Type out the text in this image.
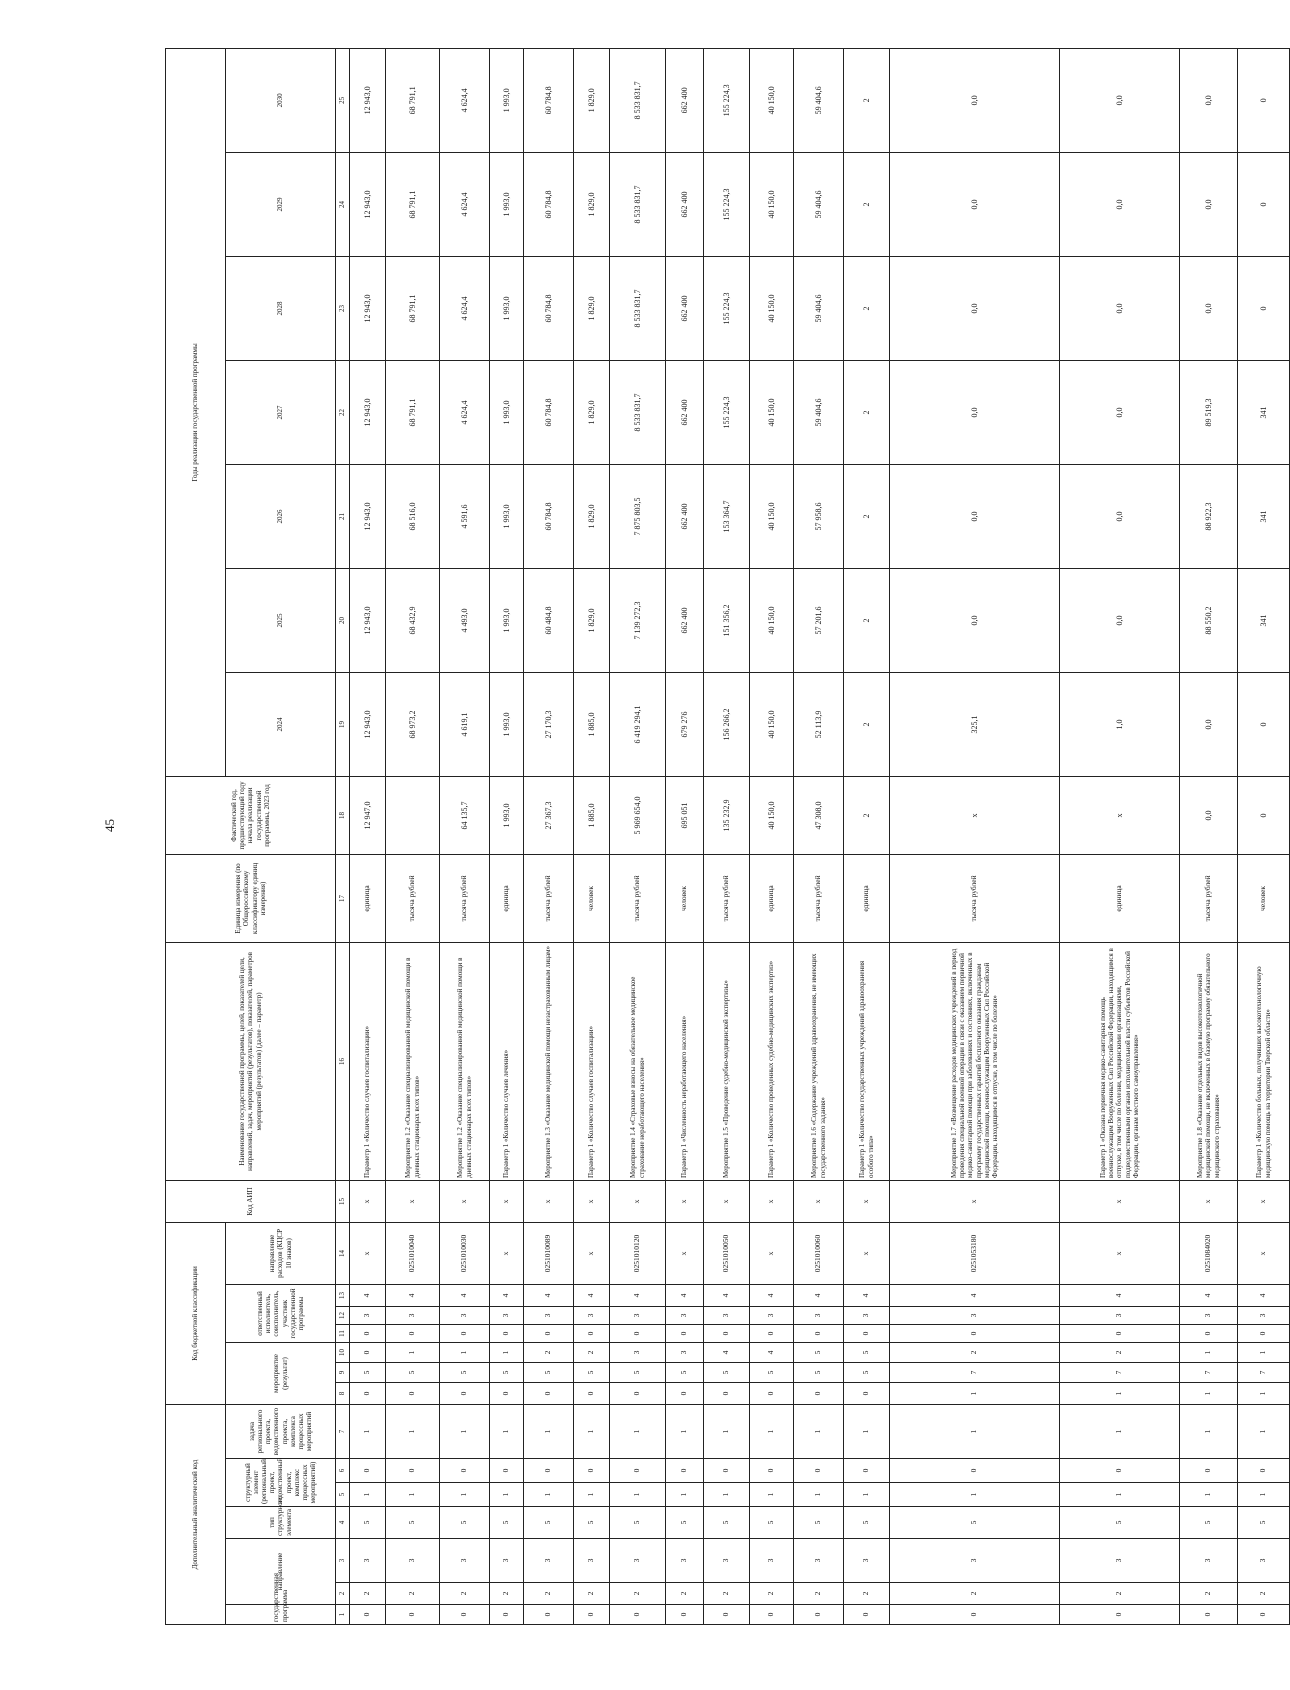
45
Дополнительный аналитический код							Код бюджетной классификации							Код АИП	Наименование государственной программы, целей, показателей цели, направлений, задач, мероприятий (результатов), показателей, параметров мероприятий (результатов) (далее – параметр)	Единица измерения (по Общероссийскому классификатору единиц измерения)	Фактический год, предшествующий году начала реализации государственной программы, 2023 год	Годы реализации государственной программы						
государственная программа	направление		тип структурного элемента	структурный элемент (региональный проект, ведомственный проект, комплекс процессных мероприятий)		задача регионального проекта, ведомственного проекта, комплекса процессных мероприятий	мероприятие (результат)			ответственный исполнитель, соисполнитель, участник государственной программы			направление расходов (КЦСР 10 знаков)					2024	2025	2026	2027	2028	2029	2030
1	2	3	4	5	6	7	8	9	10	11	12	13	14	15	16	17	18	19	20	21	22	23	24	25
0	2	3	5	1	0	1	0	5	0	0	3	4	x	x	Параметр 1 «Количество случаев госпитализации»	единица	12 947,0	12 943,0	12 943,0	12 943,0	12 943,0	12 943,0	12 943,0	12 943,0
0	2	3	5	1	0	1	0	5	1	0	3	4	0251010040	x	Мероприятие 1.2 «Оказание специализированной медицинской помощи в дневных стационарах всех типов»	тысяча рублей		68 973,2	68 432,9	68 516,0	68 791,1	68 791,1	68 791,1	68 791,1
0	2	3	5	1	0	1	0	5	1	0	3	4	0251010030	x	Мероприятие 1.2 «Оказание специализированной медицинской помощи в дневных стационарах всех типов»	тысяча рублей	64 135,7	4 619,1	4 493,0	4 591,6	4 624,4	4 624,4	4 624,4	4 624,4
0	2	3	5	1	0	1	0	5	1	0	3	4	x	x	Параметр 1 «Количество случаев лечения»	единица	1 993,0	1 993,0	1 993,0	1 993,0	1 993,0	1 993,0	1 993,0	1 993,0
0	2	3	5	1	0	1	0	5	2	0	3	4	0251010089	x	Мероприятие 1.3 «Оказание медицинской помощи незастрахованным лицам»	тысяча рублей	27 367,3	27 170,3	60 484,8	60 784,8	60 784,8	60 784,8	60 784,8	60 784,8
0	2	3	5	1	0	1	0	5	2	0	3	4	x	x	Параметр 1 «Количество случаев госпитализации»	человек	1 885,0	1 885,0	1 829,0	1 829,0	1 829,0	1 829,0	1 829,0	1 829,0
0	2	3	5	1	0	1	0	5	3	0	3	4	0251010120	x	Мероприятие 1.4 «Страховые взносы на обязательное медицинское страхование неработающего населения»	тысяча рублей	5 969 654,0	6 419 294,1	7 139 272,3	7 875 803,5	8 533 831,7	8 533 831,7	8 533 831,7	8 533 831,7
0	2	3	5	1	0	1	0	5	3	0	3	4	x	x	Параметр 1 «Численность неработающего населения»	человек	695 051	679 276	662 400	662 400	662 400	662 400	662 400	662 400
0	2	3	5	1	0	1	0	5	4	0	3	4	0251010050	x	Мероприятие 1.5 «Проведение судебно-медицинской экспертизы»	тысяча рублей	135 232,9	156 266,2	151 356,2	153 364,7	155 224,3	155 224,3	155 224,3	155 224,3
0	2	3	5	1	0	1	0	5	4	0	3	4	x	x	Параметр 1 «Количество проведенных судебно-медицинских экспертиз»	единица	40 150,0	40 150,0	40 150,0	40 150,0	40 150,0	40 150,0	40 150,0	40 150,0
0	2	3	5	1	0	1	0	5	5	0	3	4	0251010060	x	Мероприятие 1.6 «Содержание учреждений здравоохранения, не имеющих государственного задания»	тысяча рублей	47 308,0	52 113,9	57 201,6	57 958,6	59 404,6	59 404,6	59 404,6	59 404,6
0	2	3	5	1	0	1	0	5	5	0	3	4	x	x	Параметр 1 «Количество государственных учреждений здравоохранения особого типа»	единица	2	2	2	2	2	2	2	2
0	2	3	5	1	0	1	1	7	2	0	3	4	0251053180	x	Мероприятие 1.7 «Возмещение расходов медицинских учреждений в период проведения специальной военной операции в связи с оказанием первичной медико-санитарной помощи при заболеваниях и состояниях, включенных в программу государственных гарантий бесплатного оказания гражданам медицинской помощи, военнослужащим Вооруженных Сил Российской Федерации, находящимся в отпуске, в том числе по болезни»	тысяча рублей	x	325,1	0,0	0,0	0,0	0,0	0,0	0,0
0	2	3	5	1	0	1	1	7	2	0	3	4	x	x	Параметр 1 «Оказана первичная медико-санитарная помощь военнослужащим Вооруженных Сил Российской Федерации, находящимся в отпуске, в том числе по болезни, медицинскими организациями, подведомственными органам исполнительной власти субъектов Российской Федерации, органам местного самоуправления»	единица	x	1,0	0,0	0,0	0,0	0,0	0,0	0,0
0	2	3	5	1	0	1	1	7	1	0	3	4	0251084020	x	Мероприятие 1.8 «Оказание отдельных видов высокотехнологичной медицинской помощи, не включенных в базовую программу обязательного медицинского страхования»	тысяча рублей	0,0	0,0	88 550,2	88 922,3	89 519,3	0,0	0,0	0,0
0	2	3	5	1	0	1	1	7	1	0	3	4	x	x	Параметр 1 «Количество больных, получивших высокотехнологичную медицинскую помощь на территории Тверской области»	человек	0	0	341	341	341	0	0	0
